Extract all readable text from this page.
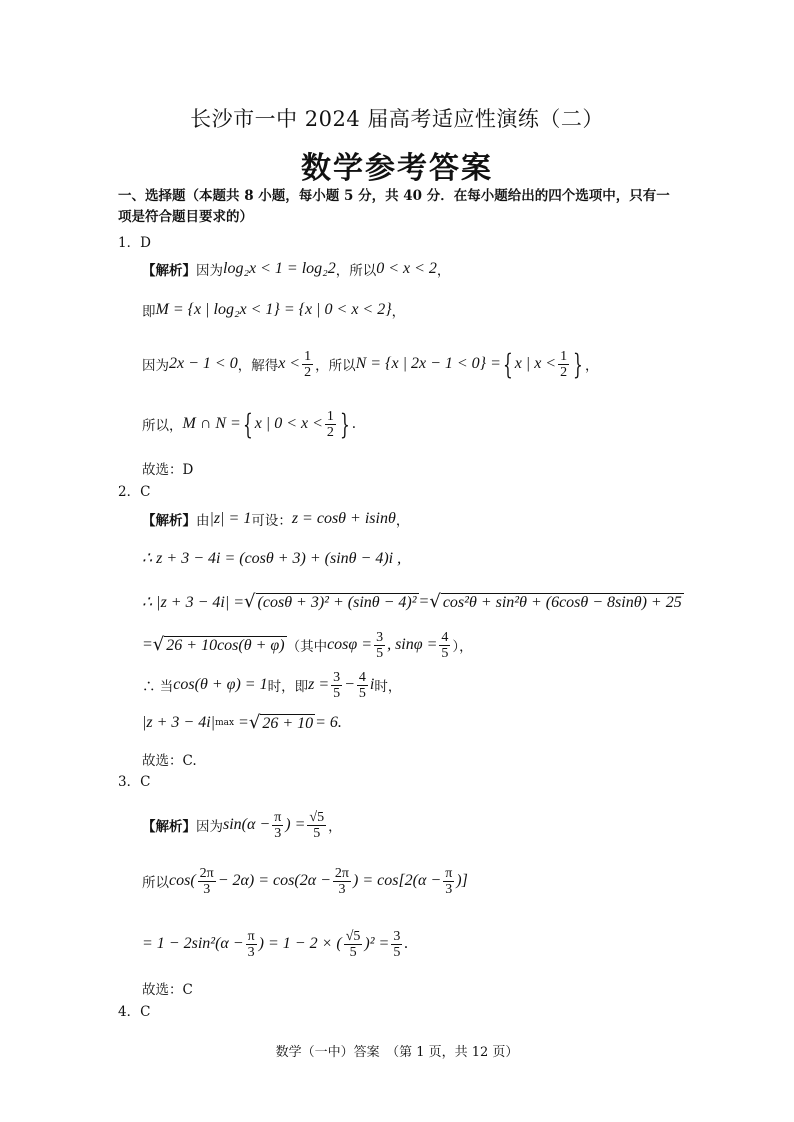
长沙市一中 2024 届高考适应性演练（二）
数学参考答案
一、选择题（本题共 8 小题，每小题 5 分，共 40 分．在每小题给出的四个选项中，只有一
项是符合题目要求的）
1．D
【解析】 因为 log₂x < 1 = log₂2 ，所以 0 < x < 2 ，
即 M = {x | log₂x < 1} = {x | 0 < x < 2} ，
因为 2x − 1 < 0 ，解得 $x < \frac{1}{2}$ ，所以 N = {x | 2x − 1 < 0} = { x | $x < \frac{1}{2}$ } ，
所以， M ∩ N = { x | $0 < x < \frac{1}{2}$ } .
故选：D
2．C
【解析】 由 |z| = 1 可设： z = cosθ + isinθ ，
∴ z + 3 − 4i = (cosθ + 3) + (sinθ − 4)i ,
∴ |z + 3 − 4i| = √ (cosθ + 3)² + (sinθ − 4)² = √ cos²θ + sin²θ + (6cosθ − 8sinθ) + 25
= √ 26 + 10cos(θ + φ) （其中 $\cos\varphi = \frac{3}{5}$ , $\sin\varphi = \frac{4}{5}$ ），
∴ 当 cos(θ + φ) = 1 时，即 $z = \frac{3}{5} - \frac{4}{5}$ i 时，
|z + 3 − 4i| max = √ 26 + 10 = 6.
故选：C.
3．C
【解析】 因为 $\sin(\alpha - \frac{\pi}{3}$ ) = $\frac{√5}{5}$ ，
所以 $\cos( \frac{2\pi}{3} - 2\alpha) = \cos(2\alpha - \frac{2\pi}{3}$ ) = $\cos[2(\alpha - \frac{\pi}{3}$ )]
= $1 - 2\sin^2(\alpha - \frac{\pi}{3}$ ) = 1 − 2 × ( $\frac{√5}{5} )^2 = \frac{3}{5}$ .
故选：C
4．C
数学（一中）答案　（第 1 页，共 12 页）
